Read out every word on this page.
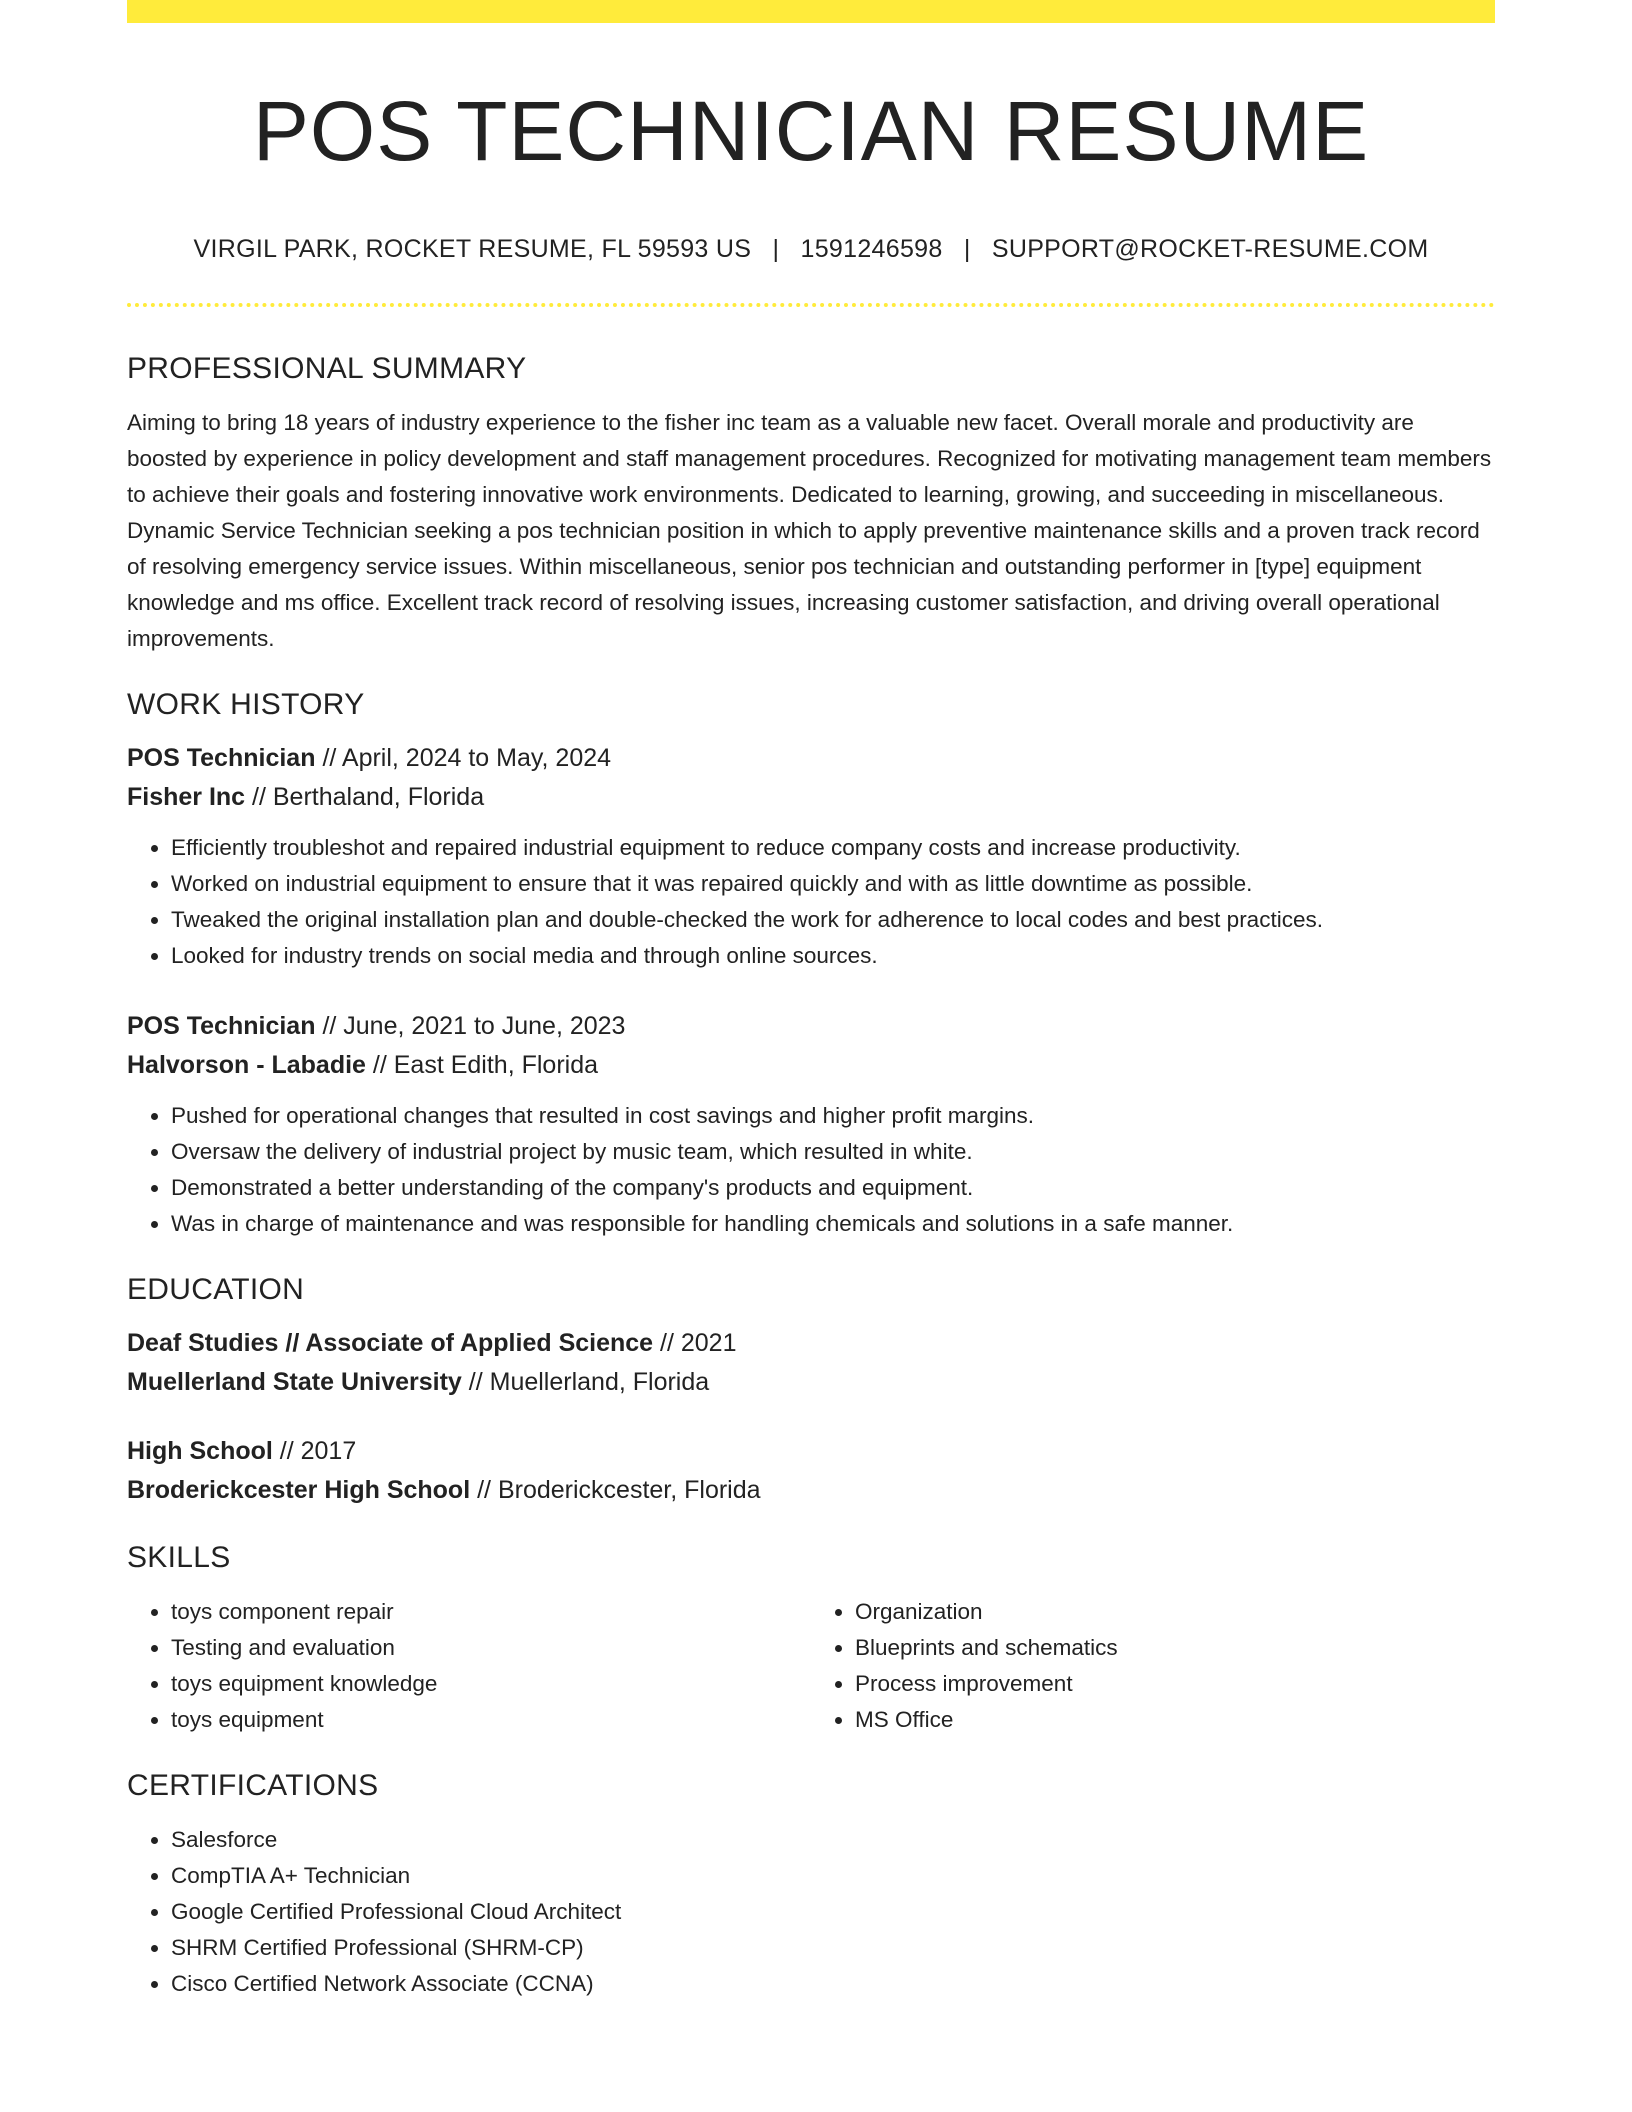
POS TECHNICIAN RESUME
VIRGIL PARK, ROCKET RESUME, FL 59593 US | 1591246598 | SUPPORT@ROCKET-RESUME.COM
PROFESSIONAL SUMMARY

Aiming to bring 18 years of industry experience to the fisher inc team as a valuable new facet. Overall morale and productivity are boosted by experience in policy development and staff management procedures. Recognized for motivating management team members to achieve their goals and fostering innovative work environments. Dedicated to learning, growing, and succeeding in miscellaneous. Dynamic Service Technician seeking a pos technician position in which to apply preventive maintenance skills and a proven track record of resolving emergency service issues. Within miscellaneous, senior pos technician and outstanding performer in [type] equipment knowledge and ms office. Excellent track record of resolving issues, increasing customer satisfaction, and driving overall operational improvements.

WORK HISTORY

POS Technician // April, 2024 to May, 2024

Fisher Inc // Berthaland, Florida

• Efficiently troubleshot and repaired industrial equipment to reduce company costs and increase productivity.
• Worked on industrial equipment to ensure that it was repaired quickly and with as little downtime as possible.
• Tweaked the original installation plan and double-checked the work for adherence to local codes and best practices.
• Looked for industry trends on social media and through online sources.

POS Technician // June, 2021 to June, 2023

Halvorson - Labadie // East Edith, Florida

• Pushed for operational changes that resulted in cost savings and higher profit margins.
• Oversaw the delivery of industrial project by music team, which resulted in white.
• Demonstrated a better understanding of the company's products and equipment.
• Was in charge of maintenance and was responsible for handling chemicals and solutions in a safe manner.
EDUCATION

Deaf Studies // Associate of Applied Science // 2021

Muellerland State University // Muellerland, Florida

High School // 2017

Broderickcester High School // Broderickcester, Florida

SKILLS
• toys component repair
• Testing and evaluation
• toys equipment knowledge
• toys equipment
• Organization
• Blueprints and schematics
• Process improvement
• MS Office
CERTIFICATIONS
• Salesforce
• CompTIA A+ Technician
• Google Certified Professional Cloud Architect
• SHRM Certified Professional (SHRM-CP)
• Cisco Certified Network Associate (CCNA)
